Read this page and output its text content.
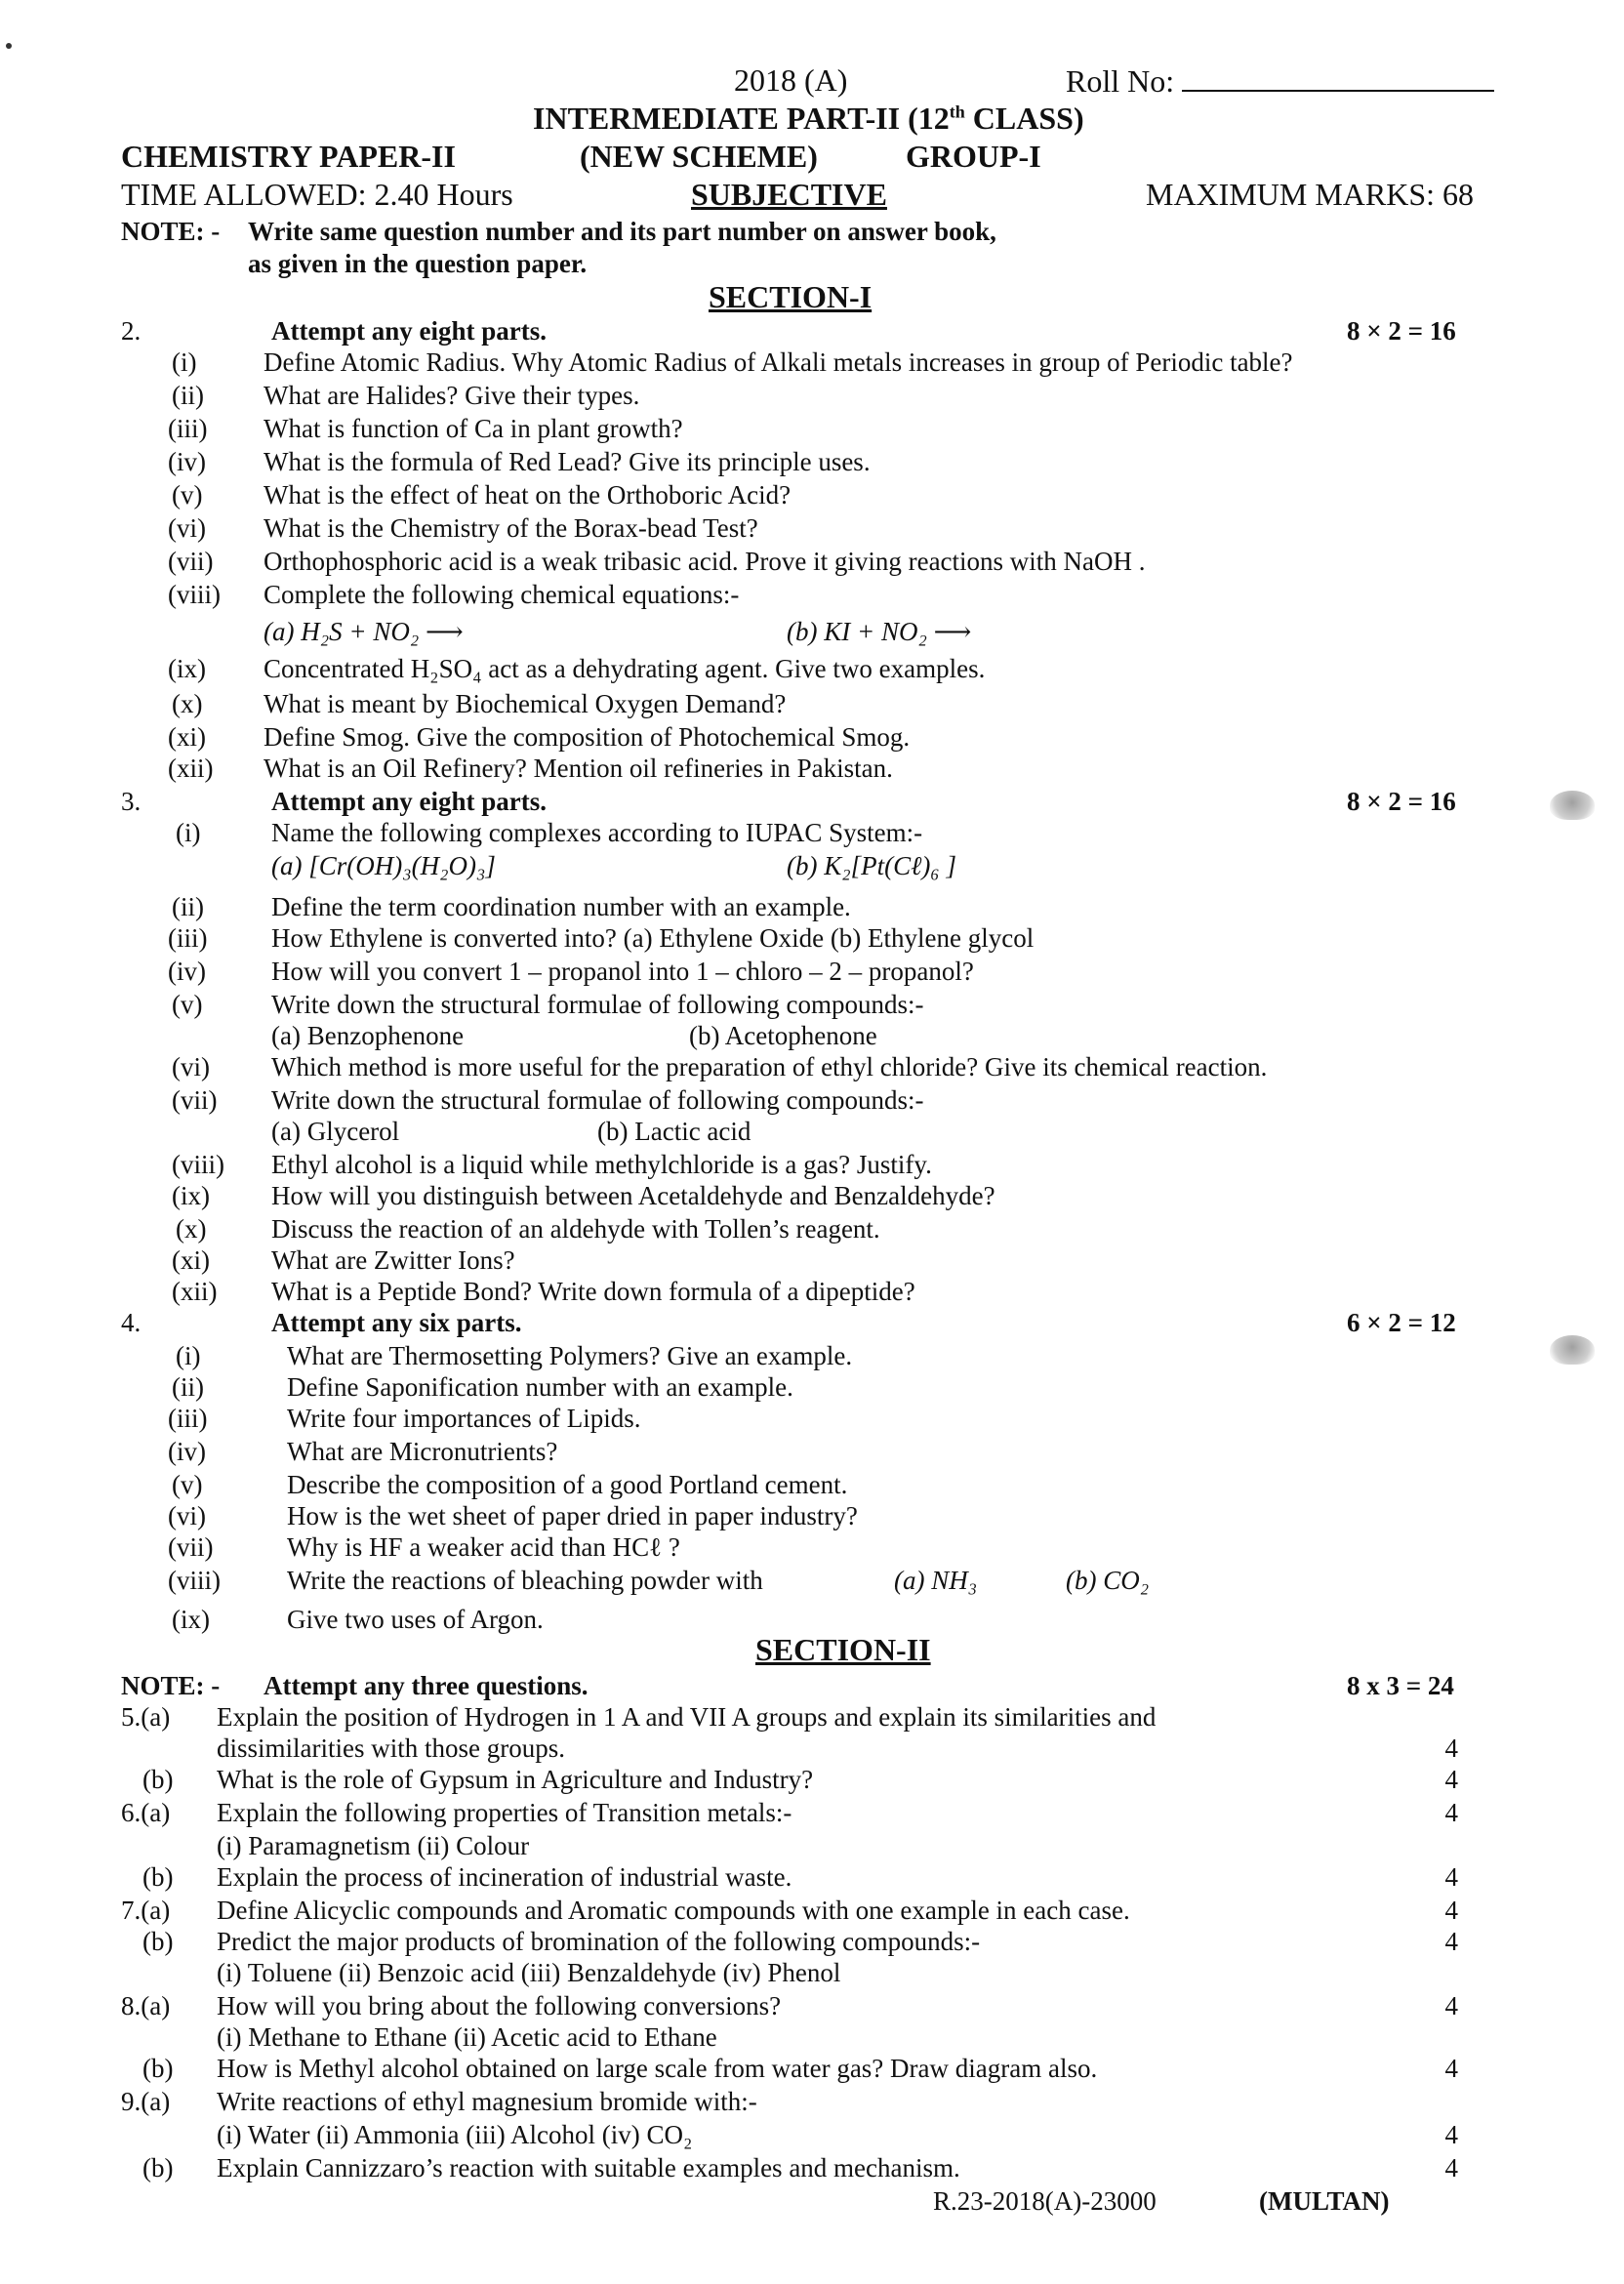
2018 (A)	Roll No:
INTERMEDIATE PART-II (12th CLASS)
CHEMISTRY PAPER-II	(NEW SCHEME)	GROUP-I
TIME ALLOWED: 2.40 Hours	SUBJECTIVE	MAXIMUM MARKS: 68
NOTE: - Write same question number and its part number on answer book,
as given in the question paper.
SECTION-I
2.	Attempt any eight parts.	8 × 2 = 16
(i)	Define Atomic Radius. Why Atomic Radius of Alkali metals increases in group of Periodic table?
(ii) What are Halides? Give their types.
(iii) What is function of Ca in plant growth?
(iv) What is the formula of Red Lead? Give its principle uses.
(v) What is the effect of heat on the Orthoboric Acid?
(vi) What is the Chemistry of the Borax-bead Test?
(vii) Orthophosphoric acid is a weak tribasic acid. Prove it giving reactions with NaOH .
(viii) Complete the following chemical equations:-
(a) H₂S + NO₂ ⟶	(b) KI + NO₂ ⟶
(ix) Concentrated H₂SO₄ act as a dehydrating agent. Give two examples.
(x) What is meant by Biochemical Oxygen Demand?
(xi) Define Smog. Give the composition of Photochemical Smog.
(xii) What is an Oil Refinery? Mention oil refineries in Pakistan.
3.	Attempt any eight parts.	8 × 2 = 16
(i)	Name the following complexes according to IUPAC System:-
(a) [Cr(OH)₃(H₂O)₃]	(b) K₂[Pt(Cℓ)₆ ]
(ii)	Define the term coordination number with an example.
(iii) How Ethylene is converted into? (a) Ethylene Oxide (b) Ethylene glycol
(iv) How will you convert 1 – propanol into 1 – chloro – 2 – propanol?
(v)	Write down the structural formulae of following compounds:-
(a) Benzophenone	(b) Acetophenone
(vi) Which method is more useful for the preparation of ethyl chloride? Give its chemical reaction.
(vii) Write down the structural formulae of following compounds:-
(a) Glycerol	(b) Lactic acid
(viii) Ethyl alcohol is a liquid while methylchloride is a gas? Justify.
(ix) How will you distinguish between Acetaldehyde and Benzaldehyde?
(x) Discuss the reaction of an aldehyde with Tollen’s reagent.
(xi) What are Zwitter Ions?
(xii) What is a Peptide Bond? Write down formula of a dipeptide?
4.	Attempt any six parts.	6 × 2 = 12
(i)	What are Thermosetting Polymers? Give an example.
(ii)	Define Saponification number with an example.
(iii)	Write four importances of Lipids.
(iv)	What are Micronutrients?
(v)	Describe the composition of a good Portland cement.
(vi)	How is the wet sheet of paper dried in paper industry?
(vii)	Why is HF a weaker acid than HCℓ ?
(viii)	Write the reactions of bleaching powder with	(a) NH₃	(b) CO₂
(ix)	Give two uses of Argon.
SECTION-II
NOTE: - Attempt any three questions.	8 x 3 = 24
5.(a) Explain the position of Hydrogen in 1 A and VII A groups and explain its similarities and
dissimilarities with those groups.	4
(b) What is the role of Gypsum in Agriculture and Industry?	4
6.(a) Explain the following properties of Transition metals:-	4
(i) Paramagnetism (ii) Colour
(b) Explain the process of incineration of industrial waste.	4
7.(a) Define Alicyclic compounds and Aromatic compounds with one example in each case.	4
(b) Predict the major products of bromination of the following compounds:-	4
(i) Toluene (ii) Benzoic acid (iii) Benzaldehyde (iv) Phenol
8.(a) How will you bring about the following conversions?	4
(i) Methane to Ethane (ii) Acetic acid to Ethane
(b) How is Methyl alcohol obtained on large scale from water gas? Draw diagram also.	4
9.(a) Write reactions of ethyl magnesium bromide with:-
(i) Water (ii) Ammonia (iii) Alcohol (iv) CO₂	4
(b) Explain Cannizzaro’s reaction with suitable examples and mechanism.	4
R.23-2018(A)-23000	(MULTAN)
